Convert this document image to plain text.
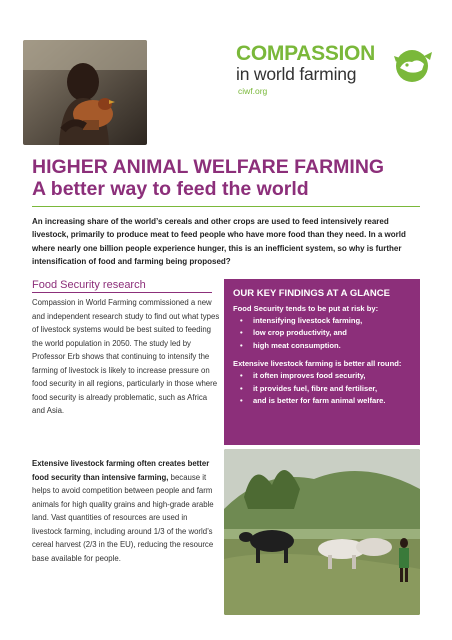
COMPASSION
in world farming
ciwf.org
HIGHER ANIMAL WELFARE FARMING
A better way to feed the world

An increasing share of the world’s cereals and other crops are used to feed intensively reared livestock, primarily to produce meat to feed people who have more food than they need. In a world where nearly one billion people experience hunger, this is an inefficient system, so why is further intensification of food and farming being proposed?

Food Security research

Compassion in World Farming commissioned a new and independent research study to find out what types of livestock systems would be best suited to feeding the world population in 2050. The study led by Professor Erb shows that continuing to intensify the farming of livestock is likely to increase pressure on food security in all regions, particularly in those where food security is already problematic, such as Africa and Asia.

OUR KEY FINDINGS AT A GLANCE
Food Security tends to be put at risk by:
• intensifying livestock farming,
• low crop productivity, and
• high meat consumption.
Extensive livestock farming is better all round:
• it often improves food security,
• it provides fuel, fibre and fertiliser,
• and is better for farm animal welfare.

Extensive livestock farming often creates better food security than intensive farming, because it helps to avoid competition between people and farm animals for high quality grains and high-grade arable land. Vast quantities of resources are used in livestock farming, including around 1/3 of the world’s cereal harvest (2/3 in the EU), reducing the resource base available for people.
